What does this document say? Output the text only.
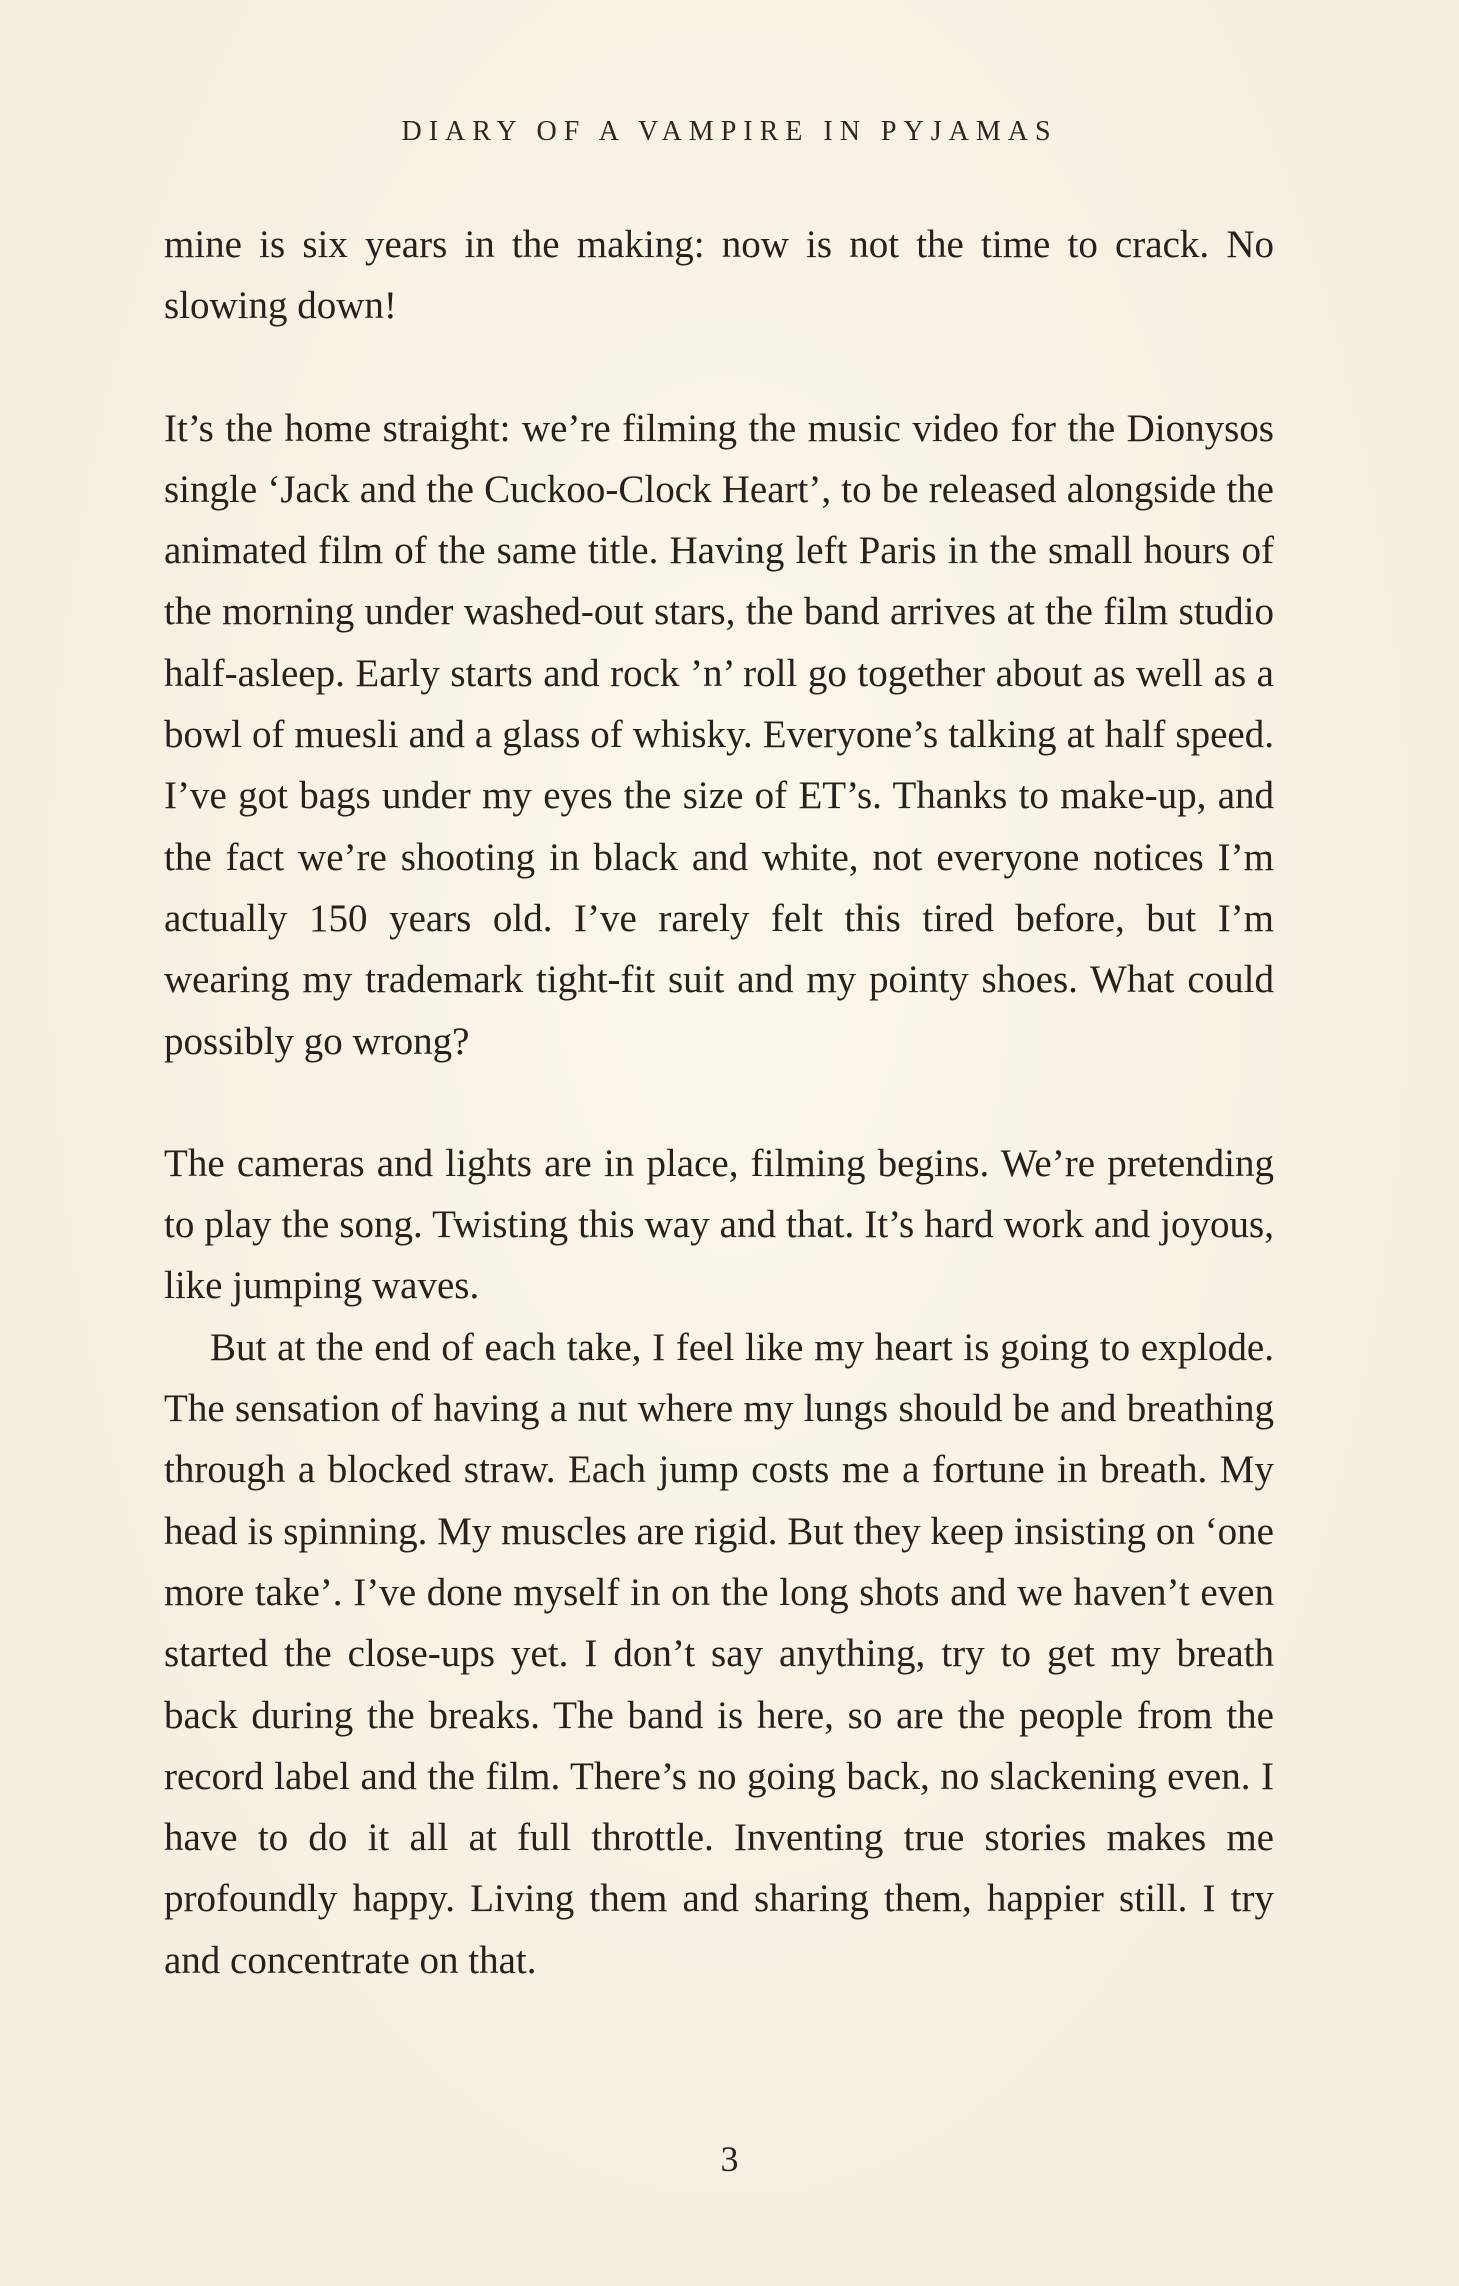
DIARY OF A VAMPIRE IN PYJAMAS

mine is six years in the making: now is not the time to crack. No slowing down!

It’s the home straight: we’re filming the music video for the Dionysos single ‘Jack and the Cuckoo-Clock Heart’, to be released alongside the animated film of the same title. Having left Paris in the small hours of the morning under washed-out stars, the band arrives at the film studio half-asleep. Early starts and rock ’n’ roll go together about as well as a bowl of muesli and a glass of whisky. Everyone’s talking at half speed. I’ve got bags under my eyes the size of ET’s. Thanks to make-up, and the fact we’re shooting in black and white, not everyone notices I’m actually 150 years old. I’ve rarely felt this tired before, but I’m wearing my trademark tight-fit suit and my pointy shoes. What could possibly go wrong?

The cameras and lights are in place, filming begins. We’re pretending to play the song. Twisting this way and that. It’s hard work and joyous, like jumping waves.

But at the end of each take, I feel like my heart is going to explode. The sensation of having a nut where my lungs should be and breathing through a blocked straw. Each jump costs me a fortune in breath. My head is spinning. My muscles are rigid. But they keep insisting on ‘one more take’. I’ve done myself in on the long shots and we haven’t even started the close-ups yet. I don’t say anything, try to get my breath back during the breaks. The band is here, so are the people from the record label and the film. There’s no going back, no slackening even. I have to do it all at full throttle. Inventing true stories makes me profoundly happy. Living them and sharing them, happier still. I try and concentrate on that.

3
